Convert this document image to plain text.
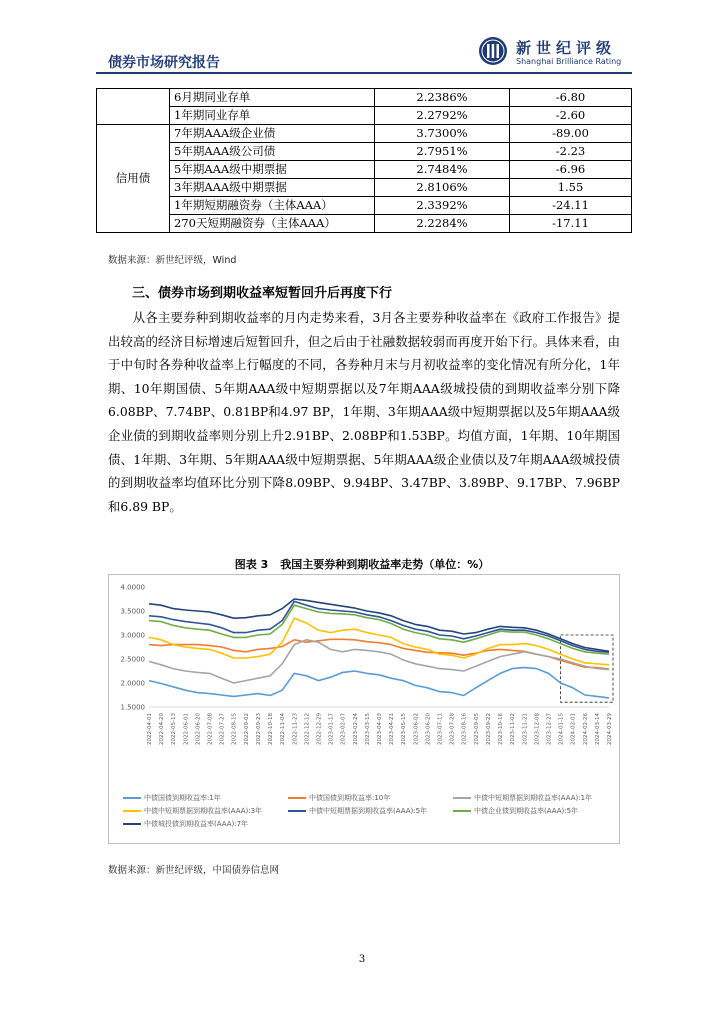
债券市场研究报告
新世纪评级
Shanghai Brilliance Rating
	6月期同业存单	2.2386%	-6.80
	1年期同业存单	2.2792%	-2.60
信用债	7年期AAA级企业债	3.7300%	-89.00
	5年期AAA级公司债	2.7951%	-2.23
	5年期AAA级中期票据	2.7484%	-6.96
	3年期AAA级中期票据	2.8106%	1.55
	1年期短期融资券（主体AAA）	2.3392%	-24.11
	270天短期融资券（主体AAA）	2.2284%	-17.11
数据来源：新世纪评级，Wind
三、债券市场到期收益率短暂回升后再度下行
从各主要券种到期收益率的月内走势来看，3月各主要券种收益率在《政府工作报告》提出较高的经济目标增速后短暂回升，但之后由于社融数据较弱而再度开始下行。具体来看，由于中旬时各券种收益率上行幅度的不同，各券种月末与月初收益率的变化情况有所分化，1年期、10年期国债、5年期AAA级中短期票据以及7年期AAA级城投债的到期收益率分别下降6.08BP、7.74BP、0.81BP和4.97 BP，1年期、3年期AAA级中短期票据以及5年期AAA级企业债的到期收益率则分别上升2.91BP、2.08BP和1.53BP。均值方面，1年期、10年期国债、1年期、3年期、5年期AAA级中短期票据、5年期AAA级企业债以及7年期AAA级城投债的到期收益率均值环比分别下降8.09BP、9.94BP、3.47BP、3.89BP、9.17BP、7.96BP和6.89 BP。
图表 3 我国主要券种到期收益率走势（单位：%）
4.0000
3.5000
3.0000
2.5000
2.0000
1.5000
2022-04-01 2022-04-20 2022-05-13 2022-06-01 2022-06-20 2022-07-08 2022-07-27 2022-08-15 2022-09-02 2022-09-23 2022-10-18 2022-11-04 2022-11-23 2022-12-12 2022-12-29 2023-01-17 2023-02-07 2023-02-24 2023-03-15 2023-04-03 2023-04-21 2023-05-15 2023-06-02 2023-06-20 2023-07-11 2023-07-28 2023-08-16 2023-09-05 2023-09-22 2023-10-16 2023-11-02 2023-11-21 2023-12-08 2023-12-27 2024-01-15 2024-02-01 2024-02-26 2024-03-14 2024-03-29
中债国债到期收益率:1年	中债国债到期收益率:10年	中债中短期票据到期收益率(AAA):1年
中债中短期票据到期收益率(AAA):3年	中债中短期票据到期收益率(AAA):5年	中债企业债到期收益率(AAA):5年
中债城投债到期收益率(AAA):7年
数据来源：新世纪评级，中国债券信息网
3
